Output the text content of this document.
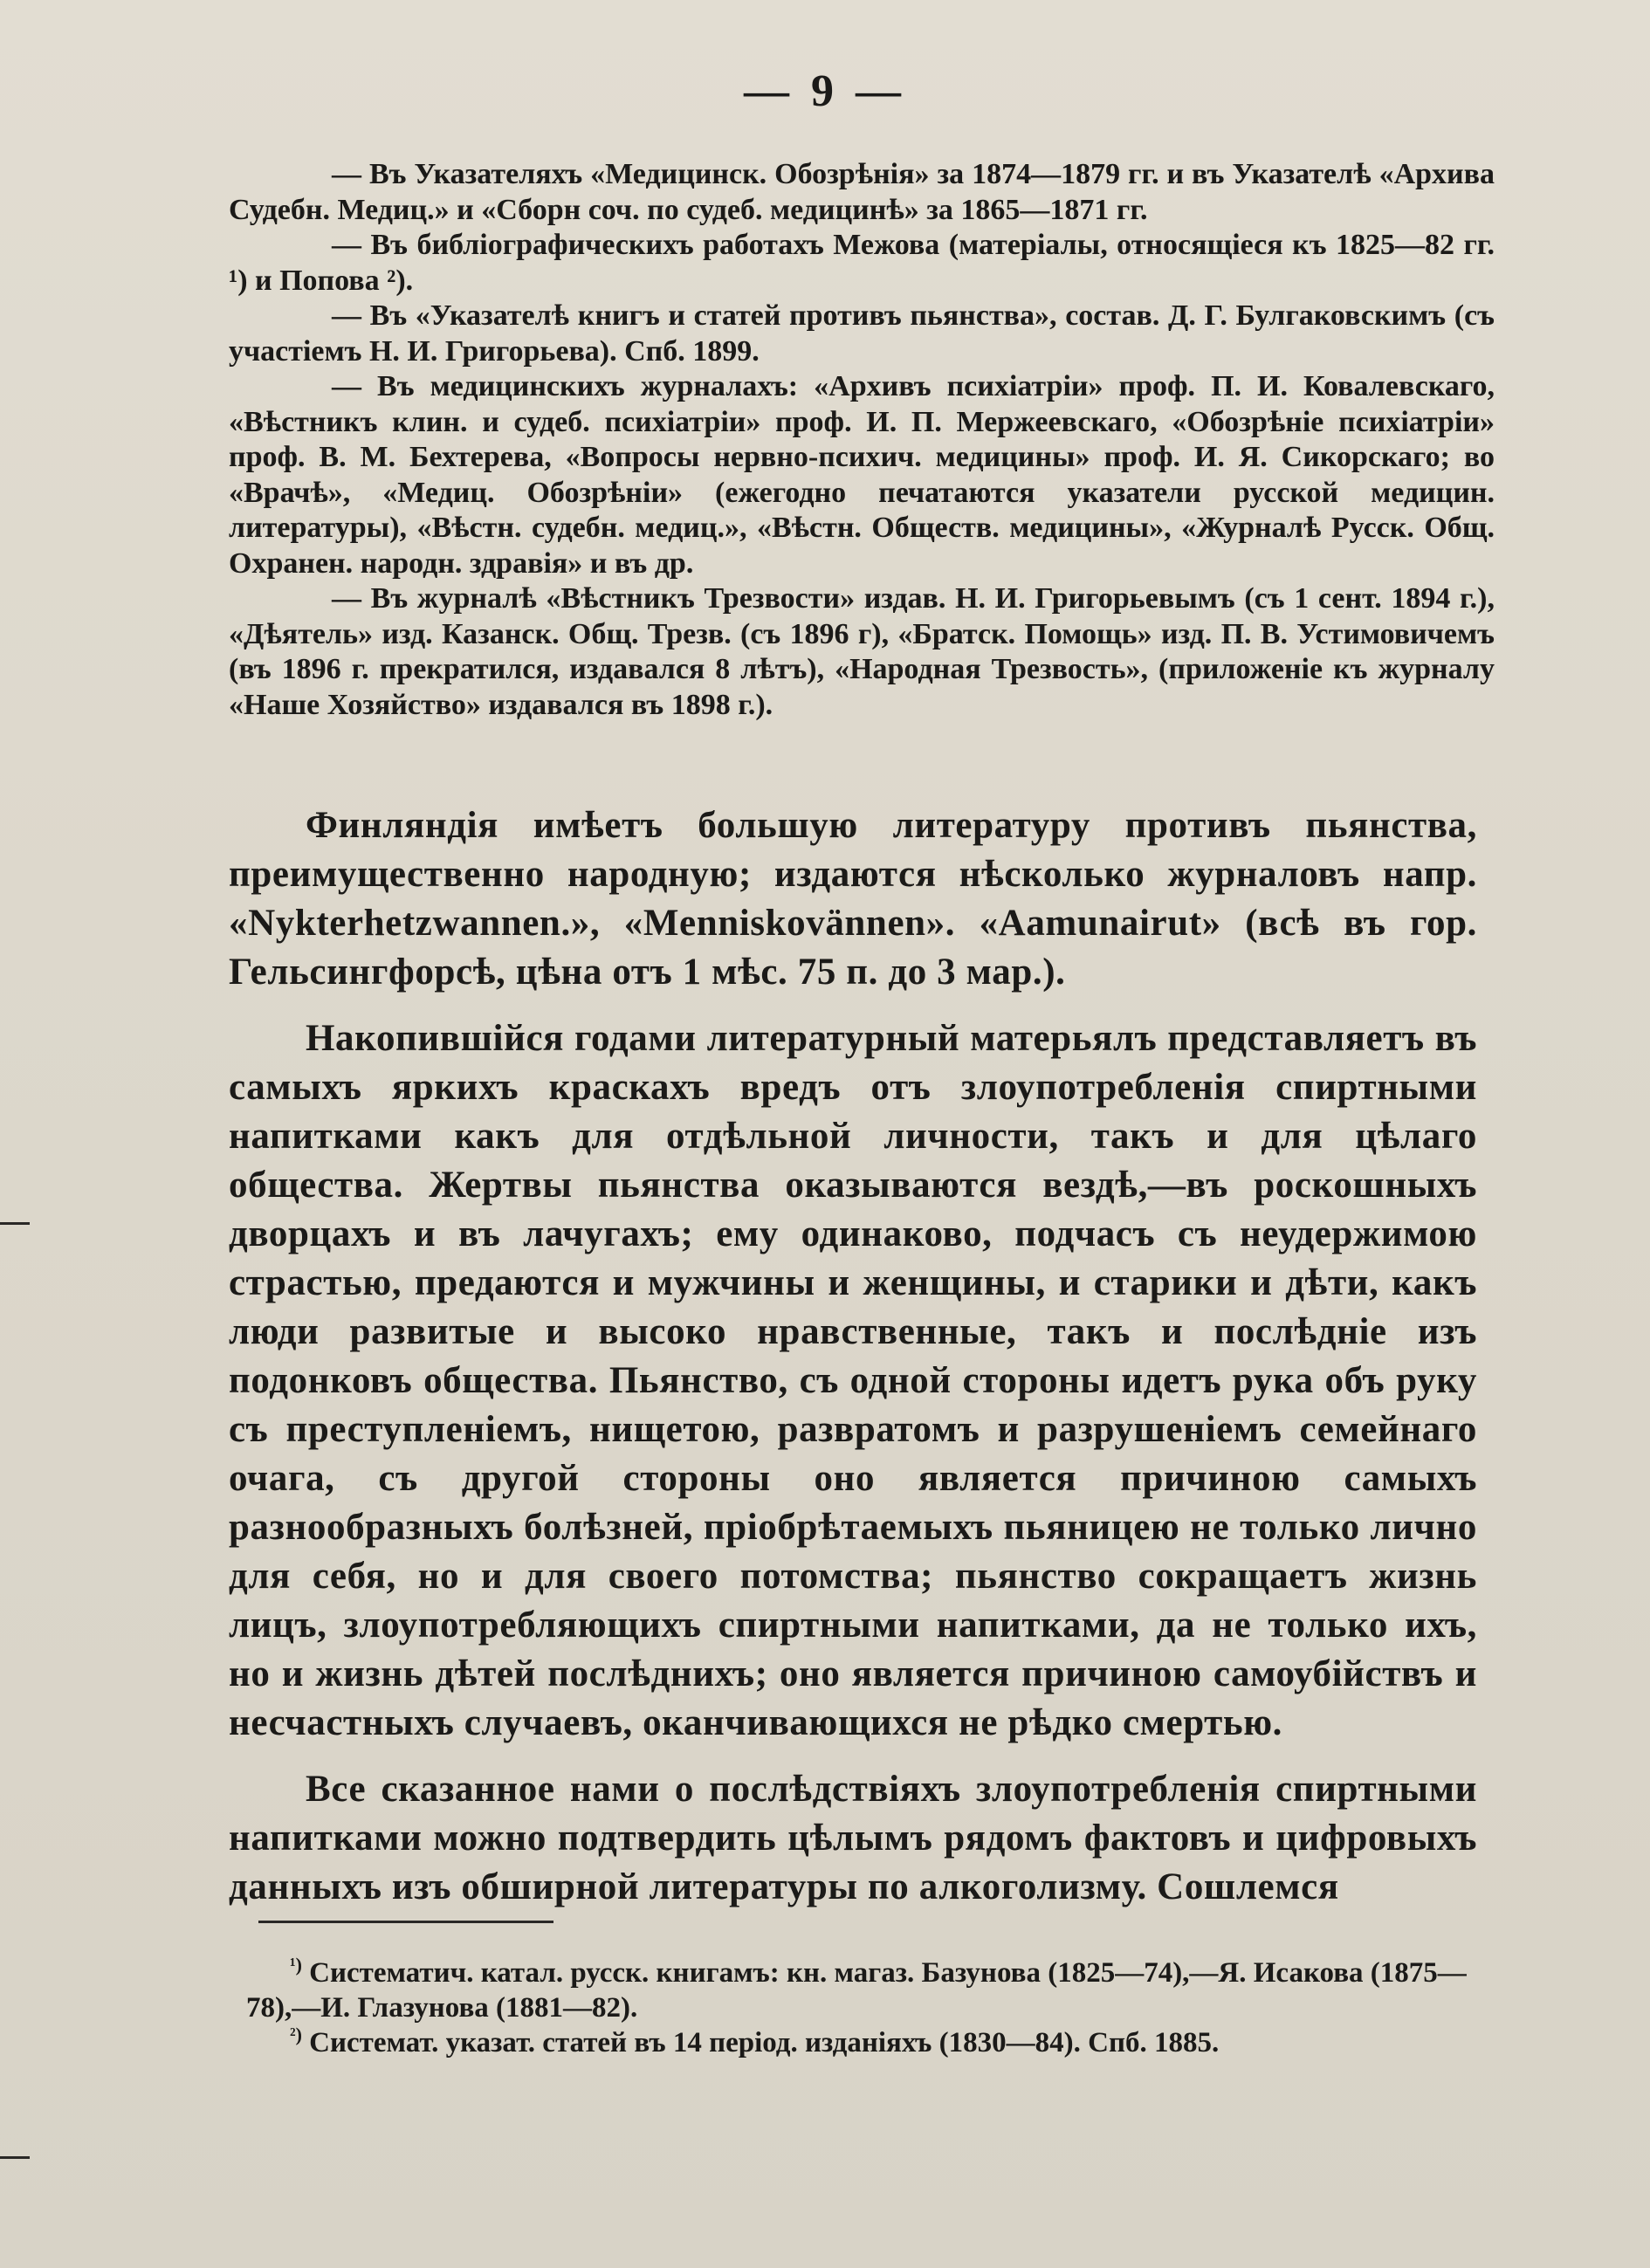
— 9 —

— Въ Указателяхъ «Медицинск. Обозрѣнія» за 1874—1879 гг. и въ Указателѣ «Архива Судебн. Медиц.» и «Сборн соч. по судеб. медицинѣ» за 1865—1871 гг.

— Въ библіографическихъ работахъ Межова (матеріалы, относящіеся къ 1825—82 гг. ¹) и Попова ²).

— Въ «Указателѣ книгъ и статей противъ пьянства», состав. Д. Г. Булгаковскимъ (съ участіемъ Н. И. Григорьева). Спб. 1899.

— Въ медицинскихъ журналахъ: «Архивъ психіатріи» проф. П. И. Ковалевскаго, «Вѣстникъ клин. и судеб. психіатріи» проф. И. П. Мержеевскаго, «Обозрѣніе психіатріи» проф. В. М. Бехтерева, «Вопросы нервно-психич. медицины» проф. И. Я. Сикорскаго; во «Врачѣ», «Медиц. Обозрѣніи» (ежегодно печатаются указатели русской медицин. литературы), «Вѣстн. судебн. медиц.», «Вѣстн. Обществ. медицины», «Журналѣ Русск. Общ. Охранен. народн. здравія» и въ др.

— Въ журналѣ «Вѣстникъ Трезвости» издав. Н. И. Григорьевымъ (съ 1 сент. 1894 г.), «Дѣятель» изд. Казанск. Общ. Трезв. (съ 1896 г), «Братск. Помощь» изд. П. В. Устимовичемъ (въ 1896 г. прекратился, издавался 8 лѣтъ), «Народная Трезвость», (приложеніе къ журналу «Наше Хозяйство» издавался въ 1898 г.).

Финляндія имѣетъ большую литературу противъ пьянства, преимущественно народную; издаются нѣсколько журналовъ напр. «Nykterhetzwannen.», «Menniskovännen». «Aamunairut» (всѣ въ гор. Гельсингфорсѣ, цѣна отъ 1 мѣс. 75 п. до 3 мар.).

Накопившійся годами литературный матерьялъ представляетъ въ самыхъ яркихъ краскахъ вредъ отъ злоупотребленія спиртными напитками какъ для отдѣльной личности, такъ и для цѣлаго общества. Жертвы пьянства оказываются вездѣ,—въ роскошныхъ дворцахъ и въ лачугахъ; ему одинаково, подчасъ съ неудержимою страстью, предаются и мужчины и женщины, и старики и дѣти, какъ люди развитые и высоко нравственные, такъ и послѣдніе изъ подонковъ общества. Пьянство, съ одной стороны идетъ рука объ руку съ преступленіемъ, нищетою, развратомъ и разрушеніемъ семейнаго очага, съ другой стороны оно является причиною самыхъ разнообразныхъ болѣзней, пріобрѣтаемыхъ пьяницею не только лично для себя, но и для своего потомства; пьянство сокращаетъ жизнь лицъ, злоупотребляющихъ спиртными напитками, да не только ихъ, но и жизнь дѣтей послѣднихъ; оно является причиною самоубійствъ и несчастныхъ случаевъ, оканчивающихся не рѣдко смертью.

Все сказанное нами о послѣдствіяхъ злоупотребленія спиртными напитками можно подтвердить цѣлымъ рядомъ фактовъ и цифровыхъ данныхъ изъ обширной литературы по алкоголизму. Сошлемся

$^{^1)}$ Систематич. катал. русск. книгамъ: кн. магаз. Базунова (1825—74),—Я. Исакова (1875—78),—И. Глазунова (1881—82).

$^{^2)}$ Системат. указат. статей въ 14 період. изданіяхъ (1830—84). Спб. 1885.
